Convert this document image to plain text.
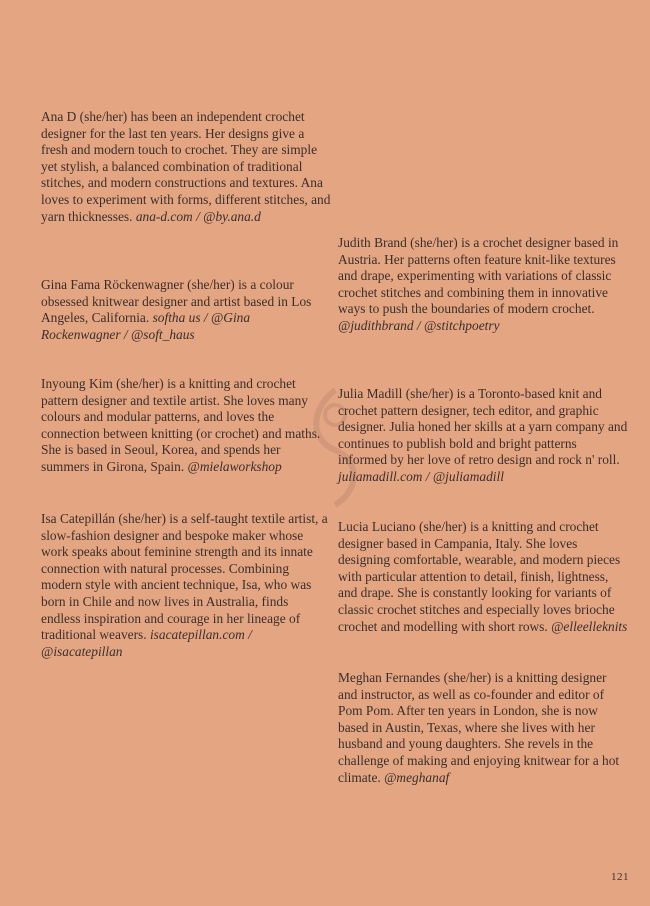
Ana D (she/her) has been an independent crochet designer for the last ten years. Her designs give a fresh and modern touch to crochet. They are simple yet stylish, a balanced combination of traditional stitches, and modern constructions and textures. Ana loves to experiment with forms, different stitches, and yarn thicknesses. ana-d.com / @by.ana.d

Gina Fama Röckenwagner (she/her) is a colour obsessed knitwear designer and artist based in Los Angeles, California. softha us / @Gina Rockenwagner / @soft_haus

Inyoung Kim (she/her) is a knitting and crochet pattern designer and textile artist. She loves many colours and modular patterns, and loves the connection between knitting (or crochet) and maths. She is based in Seoul, Korea, and spends her summers in Girona, Spain. @mielaworkshop

Isa Catepillán (she/her) is a self-taught textile artist, a slow-fashion designer and bespoke maker whose work speaks about feminine strength and its innate connection with natural processes. Combining modern style with ancient technique, Isa, who was born in Chile and now lives in Australia, finds endless inspiration and courage in her lineage of traditional weavers. isacatepillan.com / @isacatepillan

Judith Brand (she/her) is a crochet designer based in Austria. Her patterns often feature knit-like textures and drape, experimenting with variations of classic crochet stitches and combining them in innovative ways to push the boundaries of modern crochet. @judithbrand / @stitchpoetry

Julia Madill (she/her) is a Toronto-based knit and crochet pattern designer, tech editor, and graphic designer. Julia honed her skills at a yarn company and continues to publish bold and bright patterns informed by her love of retro design and rock n' roll. juliamadill.com / @juliamadill

Lucia Luciano (she/her) is a knitting and crochet designer based in Campania, Italy. She loves designing comfortable, wearable, and modern pieces with particular attention to detail, finish, lightness, and drape. She is constantly looking for variants of classic crochet stitches and especially loves brioche crochet and modelling with short rows. @elleelleknits

Meghan Fernandes (she/her) is a knitting designer and instructor, as well as co-founder and editor of Pom Pom. After ten years in London, she is now based in Austin, Texas, where she lives with her husband and young daughters. She revels in the challenge of making and enjoying knitwear for a hot climate. @meghanaf

121
